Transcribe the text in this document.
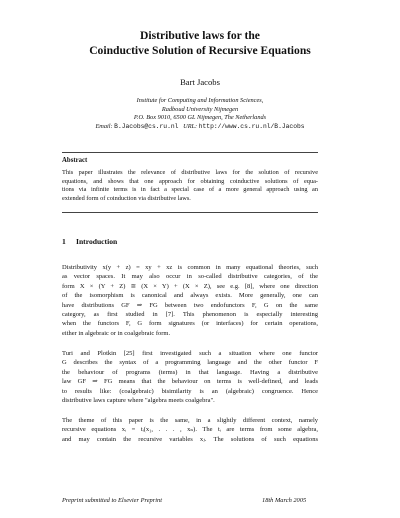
Distributive laws for the
Coinductive Solution of Recursive Equations
Bart Jacobs
Institute for Computing and Information Sciences,
Radboud University Nijmegen
P.O. Box 9010, 6500 GL Nijmegen, The Netherlands
Email: B.Jacobs@cs.ru.nl URL: http://www.cs.ru.nl/B.Jacobs
Abstract
This paper illustrates the relevance of distributive laws for the solution of recursive
equations, and shows that one approach for obtaining coinductive solutions of equa-
tions via infinite terms is in fact a special case of a more general approach using an
extended form of coinduction via distributive laws.
1 Introduction
Distributivity x(y + z) = xy + xz is common in many equational theories, such
as vector spaces. It may also occur in so-called distributive categories, of the
form X × (Y + Z) ≅ (X × Y) + (X × Z), see e.g. [8], where one direction
of the isomorphism is canonical and always exists. More generally, one can
have distributions GF ⇒ FG between two endofunctors F, G on the same
category, as first studied in [7]. This phenomenon is especially interesting
when the functors F, G form signatures (or interfaces) for certain operations,
either in algebraic or in coalgebraic form.
Turi and Plotkin [25] first investigated such a situation where one functor
G describes the syntax of a programming language and the other functor F
the behaviour of programs (terms) in that language. Having a distributive
law GF ⇒ FG means that the behaviour on terms is well-defined, and leads
to results like: (coalgebraic) bisimilarity is an (algebraic) congruence. Hence
distributive laws capture where "algebra meets coalgebra".
The theme of this paper is the same, in a slightly different context, namely
recursive equations xᵢ = tᵢ(x₁, . . . , xₙ). The tᵢ are terms from some algebra,
and may contain the recursive variables xⱼ. The solutions of such equations
Preprint submitted to Elsevier Preprint	18th March 2005
